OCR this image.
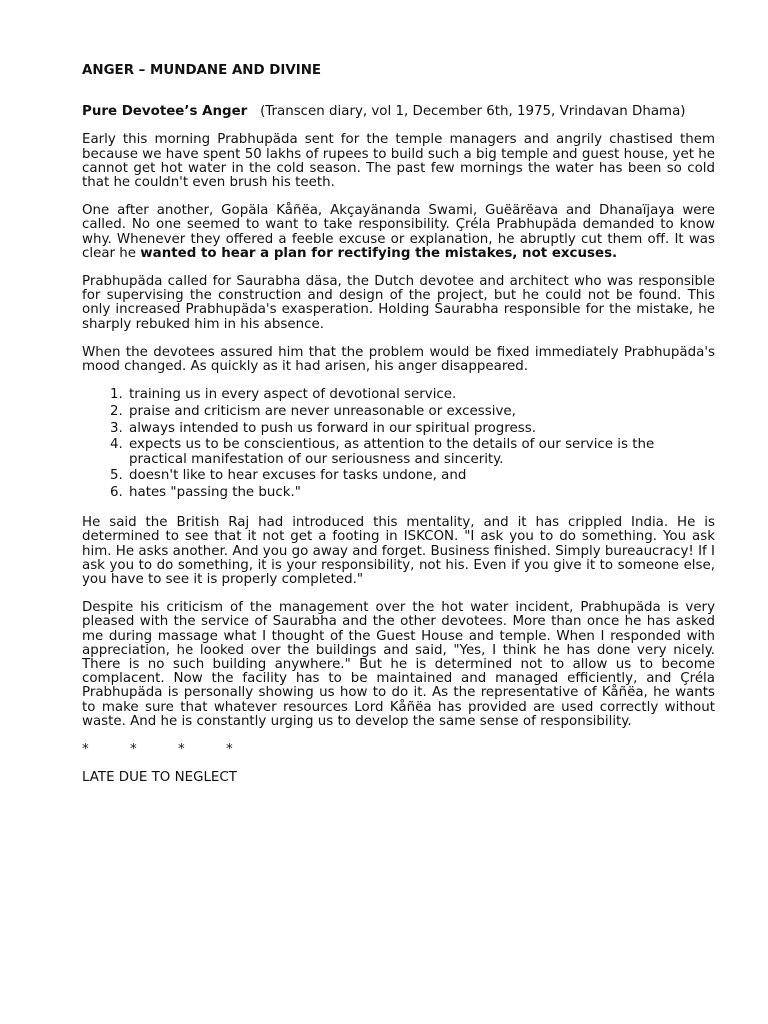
ANGER – MUNDANE AND DIVINE
Pure Devotee’s Anger (Transcen diary, vol 1, December 6th, 1975, Vrindavan Dhama)

Early this morning Prabhupäda sent for the temple managers and angrily chastised them because we have spent 50 lakhs of rupees to build such a big temple and guest house, yet he cannot get hot water in the cold season. The past few mornings the water has been so cold that he couldn't even brush his teeth.

One after another, Gopäla Kåñëa, Akçayänanda Swami, Guëärëava and Dhanaïjaya were called. No one seemed to want to take responsibility. Çréla Prabhupäda demanded to know why. Whenever they offered a feeble excuse or explanation, he abruptly cut them off. It was clear he wanted to hear a plan for rectifying the mistakes, not excuses.

Prabhupäda called for Saurabha däsa, the Dutch devotee and architect who was responsible for supervising the construction and design of the project, but he could not be found. This only increased Prabhupäda's exasperation. Holding Saurabha responsible for the mistake, he sharply rebuked him in his absence.

When the devotees assured him that the problem would be fixed immediately Prabhupäda's mood changed. As quickly as it had arisen, his anger disappeared.

1. training us in every aspect of devotional service.
2. praise and criticism are never unreasonable or excessive,
3. always intended to push us forward in our spiritual progress.
4. expects us to be conscientious, as attention to the details of our service is the practical manifestation of our seriousness and sincerity.
5. doesn't like to hear excuses for tasks undone, and
6. hates "passing the buck."

He said the British Raj had introduced this mentality, and it has crippled India. He is determined to see that it not get a footing in ISKCON. "I ask you to do something. You ask him. He asks another. And you go away and forget. Business finished. Simply bureaucracy! If I ask you to do something, it is your responsibility, not his. Even if you give it to someone else, you have to see it is properly completed."

Despite his criticism of the management over the hot water incident, Prabhupäda is very pleased with the service of Saurabha and the other devotees. More than once he has asked me during massage what I thought of the Guest House and temple. When I responded with appreciation, he looked over the buildings and said, "Yes, I think he has done very nicely. There is no such building anywhere." But he is determined not to allow us to become complacent. Now the facility has to be maintained and managed efficiently, and Çréla Prabhupäda is personally showing us how to do it. As the representative of Kåñëa, he wants to make sure that whatever resources Lord Kåñëa has provided are used correctly without waste. And he is constantly urging us to develop the same sense of responsibility.

*	*	*	*

LATE DUE TO NEGLECT
